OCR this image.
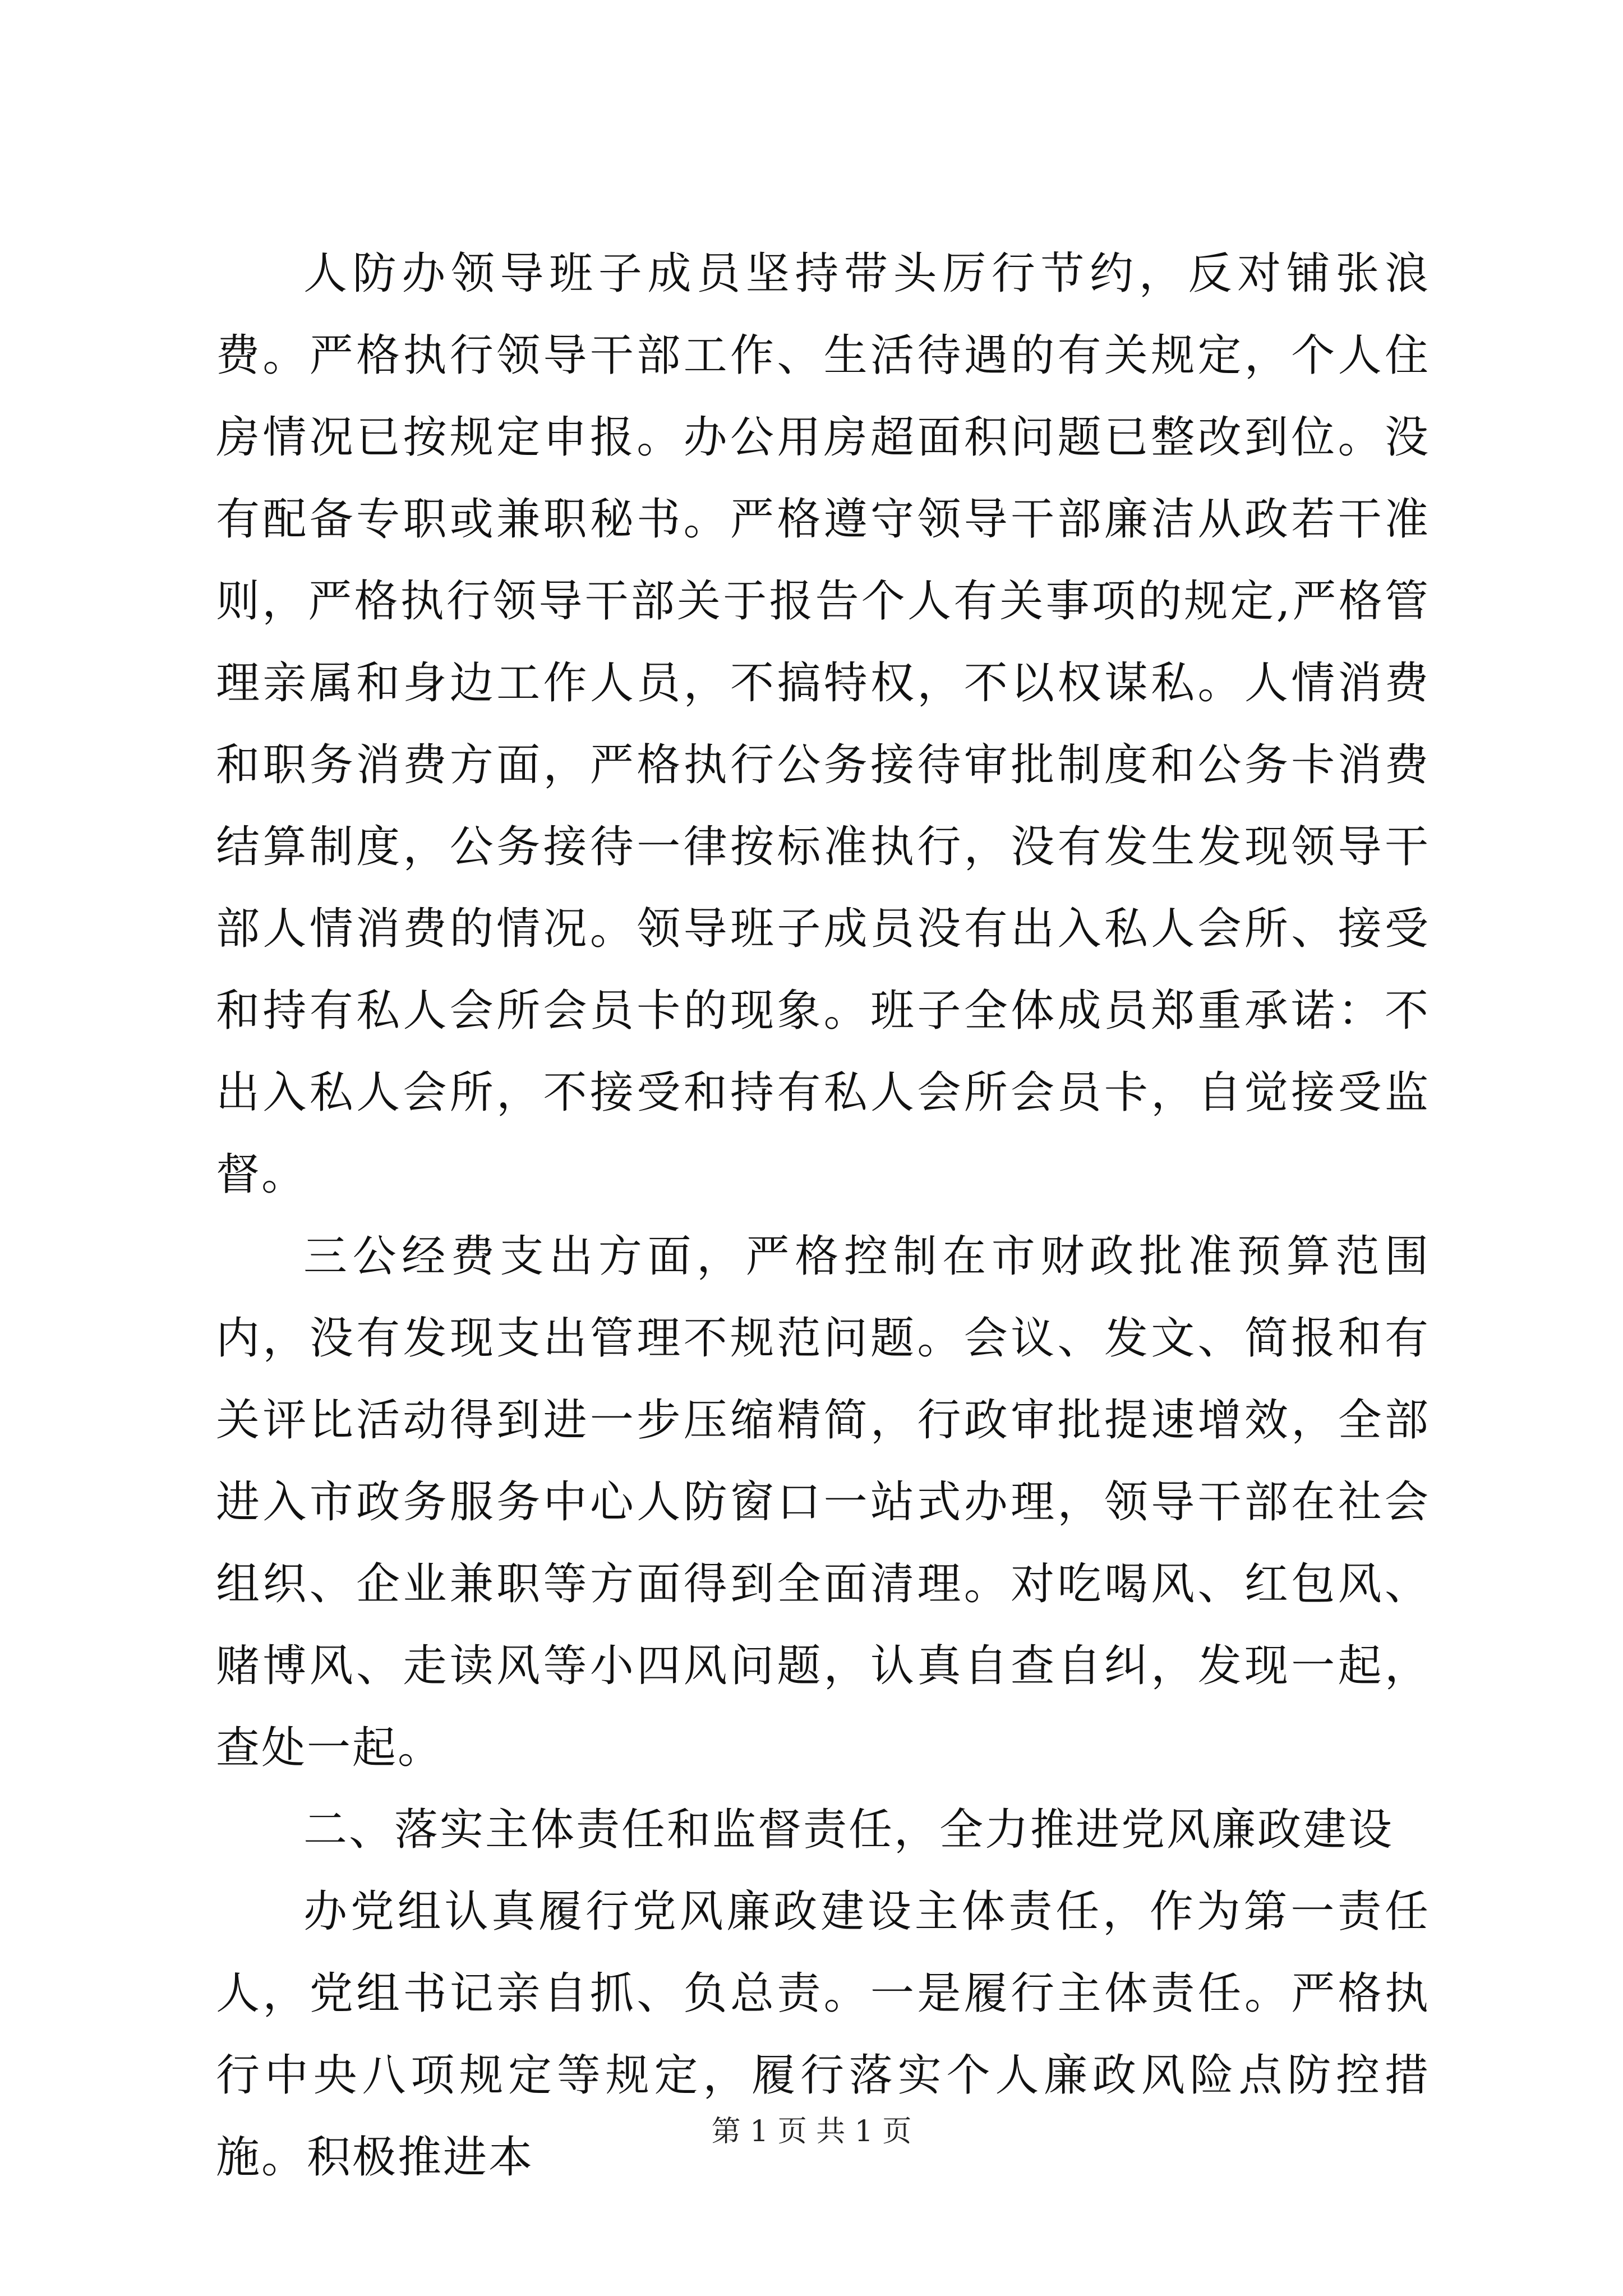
人防办领导班子成员坚持带头厉行节约，反对铺张浪费。严格执行领导干部工作、生活待遇的有关规定，个人住房情况已按规定申报。办公用房超面积问题已整改到位。没有配备专职或兼职秘书。严格遵守领导干部廉洁从政若干准则，严格执行领导干部关于报告个人有关事项的规定,严格管理亲属和身边工作人员，不搞特权，不以权谋私。人情消费和职务消费方面，严格执行公务接待审批制度和公务卡消费结算制度，公务接待一律按标准执行，没有发生发现领导干部人情消费的情况。领导班子成员没有出入私人会所、接受和持有私人会所会员卡的现象。班子全体成员郑重承诺：不出入私人会所，不接受和持有私人会所会员卡，自觉接受监督。

三公经费支出方面，严格控制在市财政批准预算范围内，没有发现支出管理不规范问题。会议、发文、简报和有关评比活动得到进一步压缩精简，行政审批提速增效，全部进入市政务服务中心人防窗口一站式办理，领导干部在社会组织、企业兼职等方面得到全面清理。对吃喝风、红包风、赌博风、走读风等小四风问题，认真自查自纠，发现一起，查处一起。

二、落实主体责任和监督责任，全力推进党风廉政建设

办党组认真履行党风廉政建设主体责任，作为第一责任人，党组书记亲自抓、负总责。一是履行主体责任。严格执行中央八项规定等规定，履行落实个人廉政风险点防控措施。积极推进本

第 1 页 共 1 页
